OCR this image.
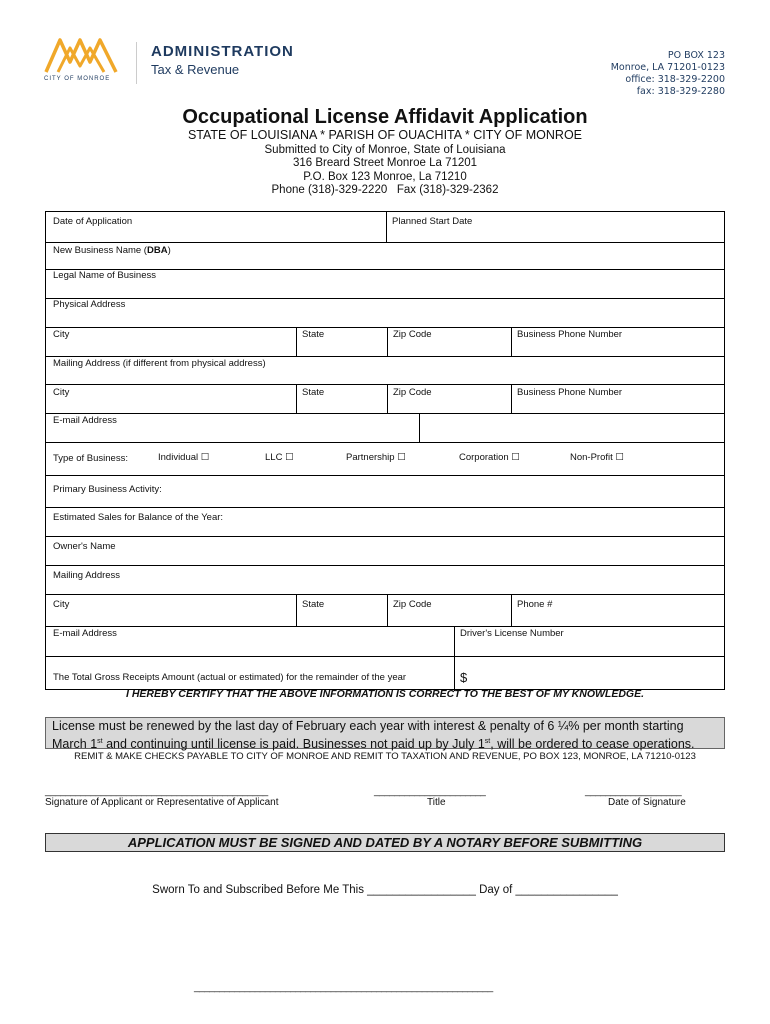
CITY OF MONROE
ADMINISTRATION
Tax & Revenue
PO BOX 123
Monroe, LA 71201-0123
office: 318-329-2200
fax: 318-329-2280
Occupational License Affidavit Application
STATE OF LOUISIANA * PARISH OF OUACHITA * CITY OF MONROE
Submitted to City of Monroe, State of Louisiana
316 Breard Street Monroe La 71201
P.O. Box 123 Monroe, La 71210
Phone (318)-329-2220   Fax (318)-329-2362
Date of Application	Planned Start Date
New Business Name (DBA)
Legal Name of Business
Physical Address
City	State	Zip Code	Business Phone Number
Mailing Address (if different from physical address)
City	State	Zip Code	Business Phone Number
E-mail Address
Type of Business:	Individual ☐	LLC ☐	Partnership ☐	Corporation ☐	Non-Profit ☐
Primary Business Activity:
Estimated Sales for Balance of the Year:
Owner's Name
Mailing Address
City	State	Zip Code	Phone #
E-mail Address	Driver's License Number
The Total Gross Receipts Amount (actual or estimated) for the remainder of the year	$
I HEREBY CERTIFY THAT THE ABOVE INFORMATION IS CORRECT TO THE BEST OF MY KNOWLEDGE.
License must be renewed by the last day of February each year with interest & penalty of 6 ¼% per month starting
March 1st and continuing until license is paid. Businesses not paid up by July 1st, will be ordered to cease operations.
REMIT & MAKE CHECKS PAYABLE TO CITY OF MONROE AND REMIT TO TAXATION AND REVENUE, PO BOX 123, MONROE, LA 71210-0123
____________________________________________	______________________	___________________
Signature of Applicant or Representative of Applicant	Title	Date of Signature
APPLICATION MUST BE SIGNED AND DATED BY A NOTARY BEFORE SUBMITTING
Sworn To and Subscribed Before Me This _________________ Day of ________________
___________________________________________________________
